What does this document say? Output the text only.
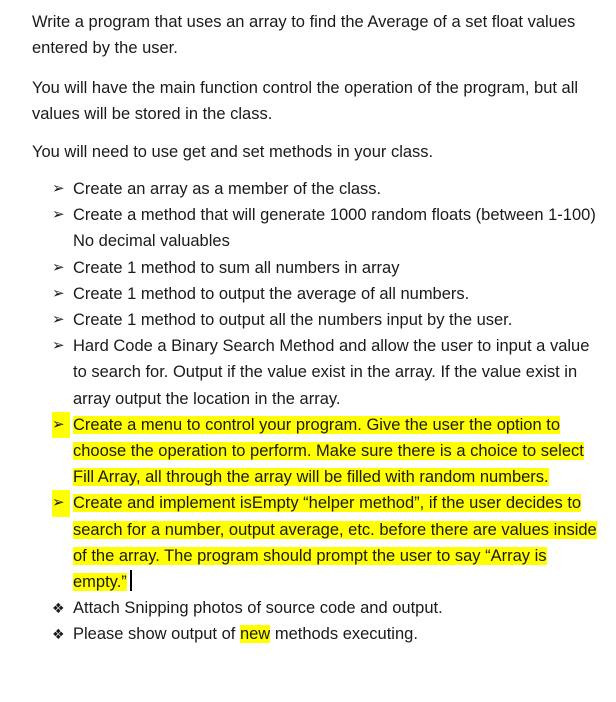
Write a program that uses an array to find the Average of a set float values entered by the user.

You will have the main function control the operation of the program, but all values will be stored in the class.

You will need to use get and set methods in your class.

➢ Create an array as a member of the class.
➢ Create a method that will generate 1000 random floats (between 1-100) No decimal valuables
➢ Create 1 method to sum all numbers in array
➢ Create 1 method to output the average of all numbers.
➢ Create 1 method to output all the numbers input by the user.
➢ Hard Code a Binary Search Method and allow the user to input a value to search for. Output if the value exist in the array. If the value exist in array output the location in the array.
➢ Create a menu to control your program. Give the user the option to choose the operation to perform. Make sure there is a choice to select Fill Array, all through the array will be filled with random numbers.
➢ Create and implement isEmpty “helper method”, if the user decides to search for a number, output average, etc. before there are values inside of the array. The program should prompt the user to say “Array is empty.”
❖ Attach Snipping photos of source code and output.
❖ Please show output of new methods executing.
